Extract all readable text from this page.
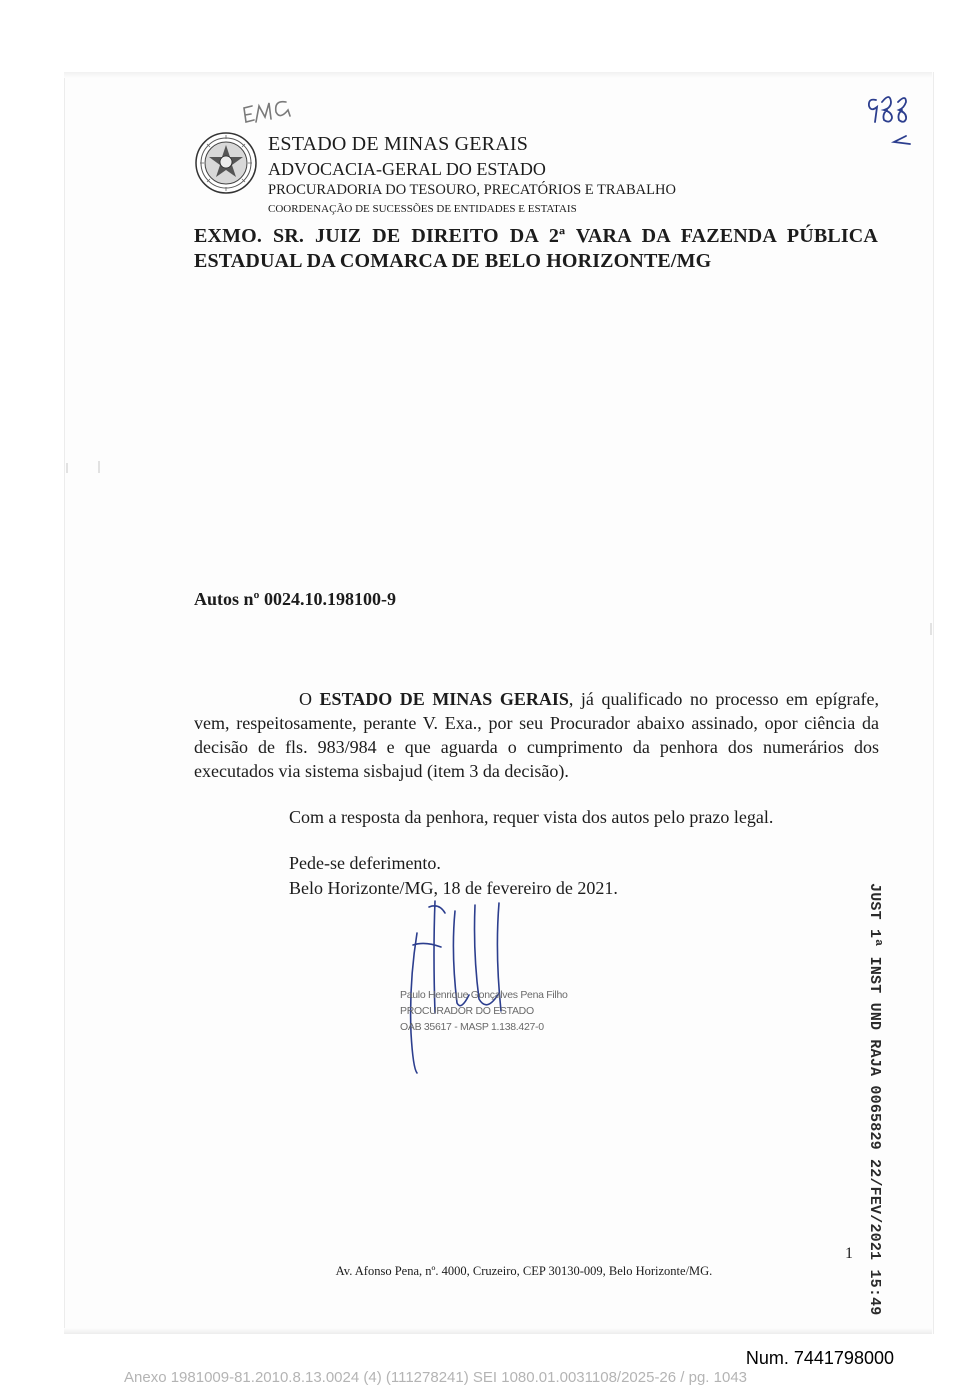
ESTADO DE MINAS GERAIS
ADVOCACIA-GERAL DO ESTADO
PROCURADORIA DO TESOURO, PRECATÓRIOS E TRABALHO
COORDENAÇÃO DE SUCESSÕES DE ENTIDADES E ESTATAIS
EXMO. SR. JUIZ DE DIREITO DA 2ª VARA DA FAZENDA PÚBLICA ESTADUAL DA COMARCA DE BELO HORIZONTE/MG
Autos nº 0024.10.198100-9
O ESTADO DE MINAS GERAIS, já qualificado no processo em epígrafe, vem, respeitosamente, perante V. Exa., por seu Procurador abaixo assinado, opor ciência da decisão de fls. 983/984 e que aguarda o cumprimento da penhora dos numerários dos executados via sistema sisbajud (item 3 da decisão).
Com a resposta da penhora, requer vista dos autos pelo prazo legal.
Pede-se deferimento.
Belo Horizonte/MG, 18 de fevereiro de 2021.
Paulo Henrique Gonçalves Pena Filho
PROCURADOR DO ESTADO
OAB 35617 - MASP 1.138.427-0	JUST 1ª INST UND RAJA 0065829 22/FEV/2021 15:49
1
Av. Afonso Pena, nº. 4000, Cruzeiro, CEP 30130-009, Belo Horizonte/MG.
Num. 7441798000
Anexo 1981009-81.2010.8.13.0024 (4) (111278241) SEI 1080.01.0031108/2025-26 / pg. 1043
